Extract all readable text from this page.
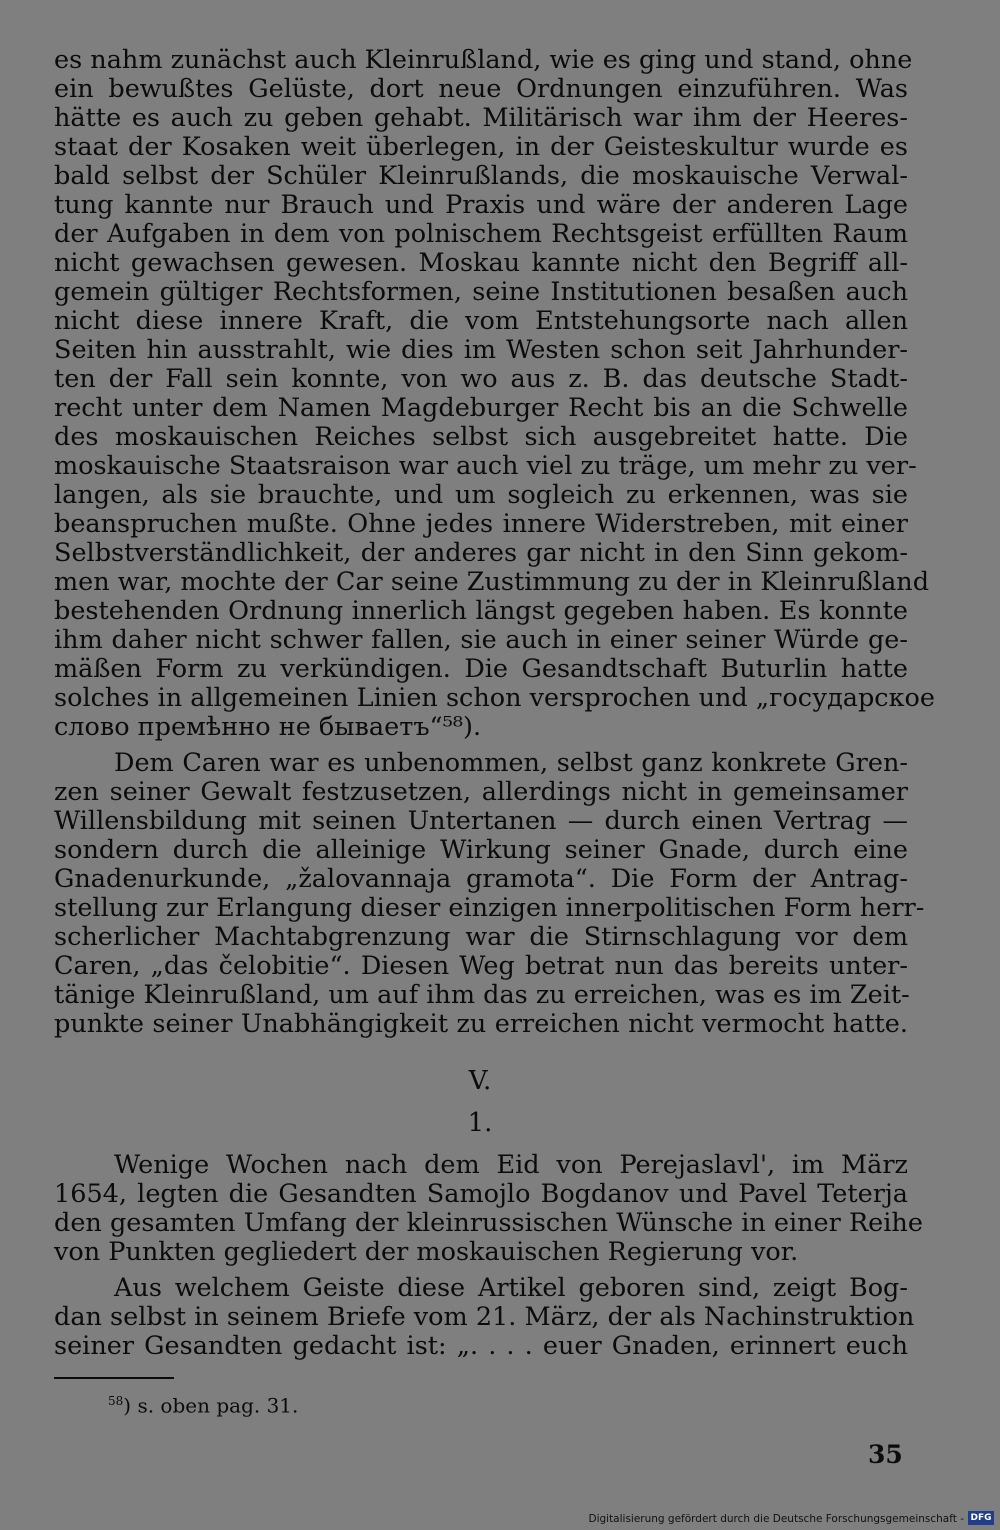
es nahm zunächst auch Kleinrußland, wie es ging und stand, ohne
ein bewußtes Gelüste, dort neue Ordnungen einzuführen. Was
hätte es auch zu geben gehabt. Militärisch war ihm der Heeres-
staat der Kosaken weit überlegen, in der Geisteskultur wurde es
bald selbst der Schüler Kleinrußlands, die moskauische Verwal-
tung kannte nur Brauch und Praxis und wäre der anderen Lage
der Aufgaben in dem von polnischem Rechtsgeist erfüllten Raum
nicht gewachsen gewesen. Moskau kannte nicht den Begriff all-
gemein gültiger Rechtsformen, seine Institutionen besaßen auch
nicht diese innere Kraft, die vom Entstehungsorte nach allen
Seiten hin ausstrahlt, wie dies im Westen schon seit Jahrhunder-
ten der Fall sein konnte, von wo aus z. B. das deutsche Stadt-
recht unter dem Namen Magdeburger Recht bis an die Schwelle
des moskauischen Reiches selbst sich ausgebreitet hatte. Die
moskauische Staatsraison war auch viel zu träge, um mehr zu ver-
langen, als sie brauchte, und um sogleich zu erkennen, was sie
beanspruchen mußte. Ohne jedes innere Widerstreben, mit einer
Selbstverständlichkeit, der anderes gar nicht in den Sinn gekom-
men war, mochte der Car seine Zustimmung zu der in Kleinrußland
bestehenden Ordnung innerlich längst gegeben haben. Es konnte
ihm daher nicht schwer fallen, sie auch in einer seiner Würde ge-
mäßen Form zu verkündigen. Die Gesandtschaft Buturlin hatte
solches in allgemeinen Linien schon versprochen und „государское
слово премѣнно не бываетъ“⁵⁸).
Dem Caren war es unbenommen, selbst ganz konkrete Gren-
zen seiner Gewalt festzusetzen, allerdings nicht in gemeinsamer
Willensbildung mit seinen Untertanen — durch einen Vertrag —
sondern durch die alleinige Wirkung seiner Gnade, durch eine
Gnadenurkunde, „žalovannaja gramota“. Die Form der Antrag-
stellung zur Erlangung dieser einzigen innerpolitischen Form herr-
scherlicher Machtabgrenzung war die Stirnschlagung vor dem
Caren, „das čelobitie“. Diesen Weg betrat nun das bereits unter-
tänige Kleinrußland, um auf ihm das zu erreichen, was es im Zeit-
punkte seiner Unabhängigkeit zu erreichen nicht vermocht hatte.
V.
1.
Wenige Wochen nach dem Eid von Perejaslavl', im März
1654, legten die Gesandten Samojlo Bogdanov und Pavel Teterja
den gesamten Umfang der kleinrussischen Wünsche in einer Reihe
von Punkten gegliedert der moskauischen Regierung vor.
Aus welchem Geiste diese Artikel geboren sind, zeigt Bog-
dan selbst in seinem Briefe vom 21. März, der als Nachinstruktion
seiner Gesandten gedacht ist: „. . . . euer Gnaden, erinnert euch
$^{58}$) s. oben pag. 31.
35
Digitalisierung gefördert durch die Deutsche Forschungsgemeinschaft - DFG
